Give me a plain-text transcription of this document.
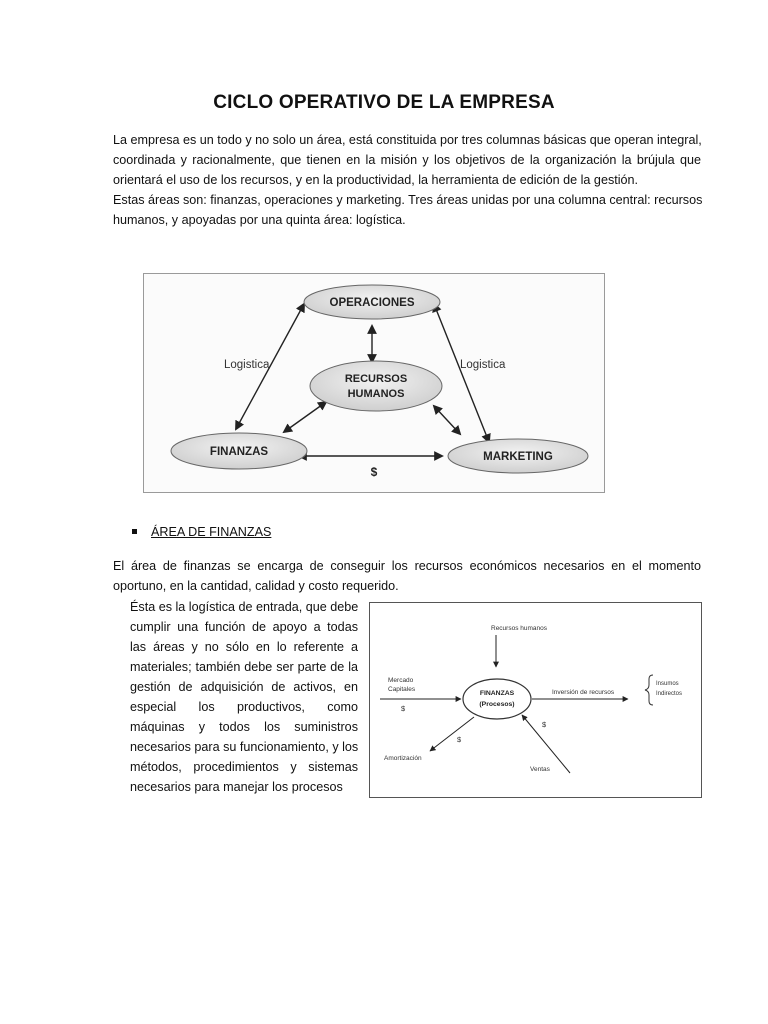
CICLO OPERATIVO DE LA EMPRESA
La empresa es un todo y no solo un área, está constituida por tres columnas básicas que operan integral,
coordinada y racionalmente, que tienen en la misión y los objetivos de la organización la brújula que
orientará el uso de los recursos, y en la productividad, la herramienta de edición de la gestión.
Estas áreas son: finanzas, operaciones y marketing. Tres áreas unidas por una columna central: recursos
humanos, y apoyadas por una quinta área: logística.
OPERACIONES
RECURSOS
HUMANOS
FINANZAS	MARKETING
Logistica	Logistica
$
ÁREA DE FINANZAS
El área de finanzas se encarga de conseguir los recursos económicos necesarios en el momento
oportuno, en la cantidad, calidad y costo requerido.
Ésta es la logística de entrada, que debe
cumplir una función de apoyo a todas
las áreas y no sólo en lo referente a
materiales; también debe ser parte de la
gestión de adquisición de activos, en
especial los productivos, como
máquinas y todos los suministros
necesarios para su funcionamiento, y los
métodos, procedimientos y sistemas
necesarios para manejar los procesos
Recursos humanos
Mercado
Capitales
$
FINANZAS
(Procesos)
Inversión de recursos
Insumos
Indirectos
$
Amortización
$
Ventas
